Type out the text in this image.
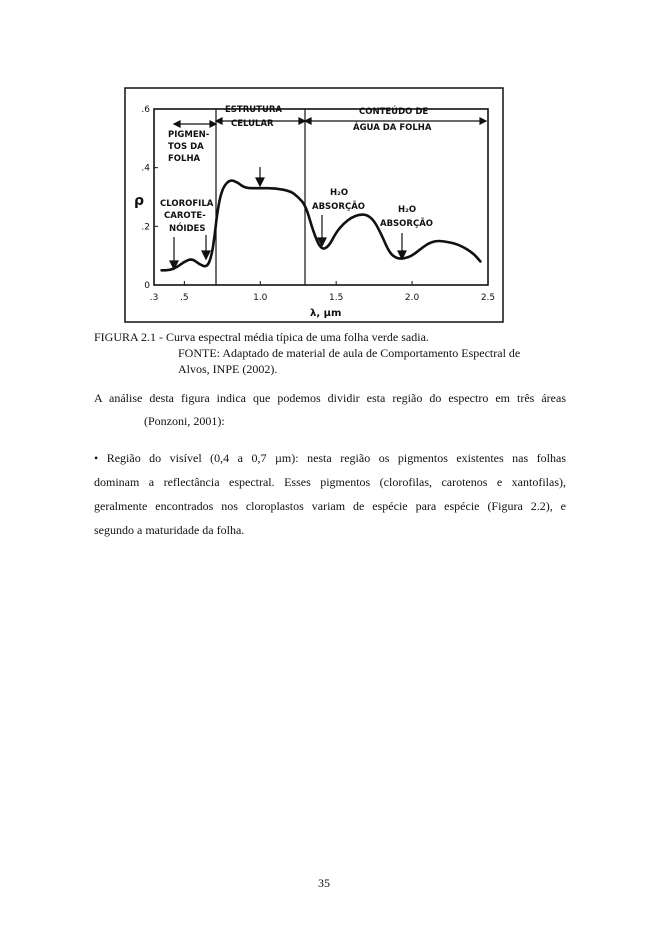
PIGMEN- TOS DA FOLHA
ESTRUTURA CELULAR
CONTEÚDO DE ÁGUA DA FOLHA
CLOROFILA CAROTE- NÓIDES
H₂O ABSORÇÃO	H₂O ABSORÇÃO
.3 .5	1.0	1.5	2.0	2.5
0
.2
.4
.6
ρ
λ, µm
FIGURA 2.1 - Curva espectral média típica de uma folha verde sadia.
FONTE: Adaptado de material de aula de Comportamento Espectral de
Alvos, INPE (2002).
A análise desta figura indica que podemos dividir esta região do espectro em três áreas
(Ponzoni, 2001):
• Região do visível (0,4 a 0,7 µm): nesta região os pigmentos existentes nas folhas
dominam a reflectância espectral. Esses pigmentos (clorofilas, carotenos e xantofilas),
geralmente encontrados nos cloroplastos variam de espécie para espécie (Figura 2.2), e
segundo a maturidade da folha.
35
